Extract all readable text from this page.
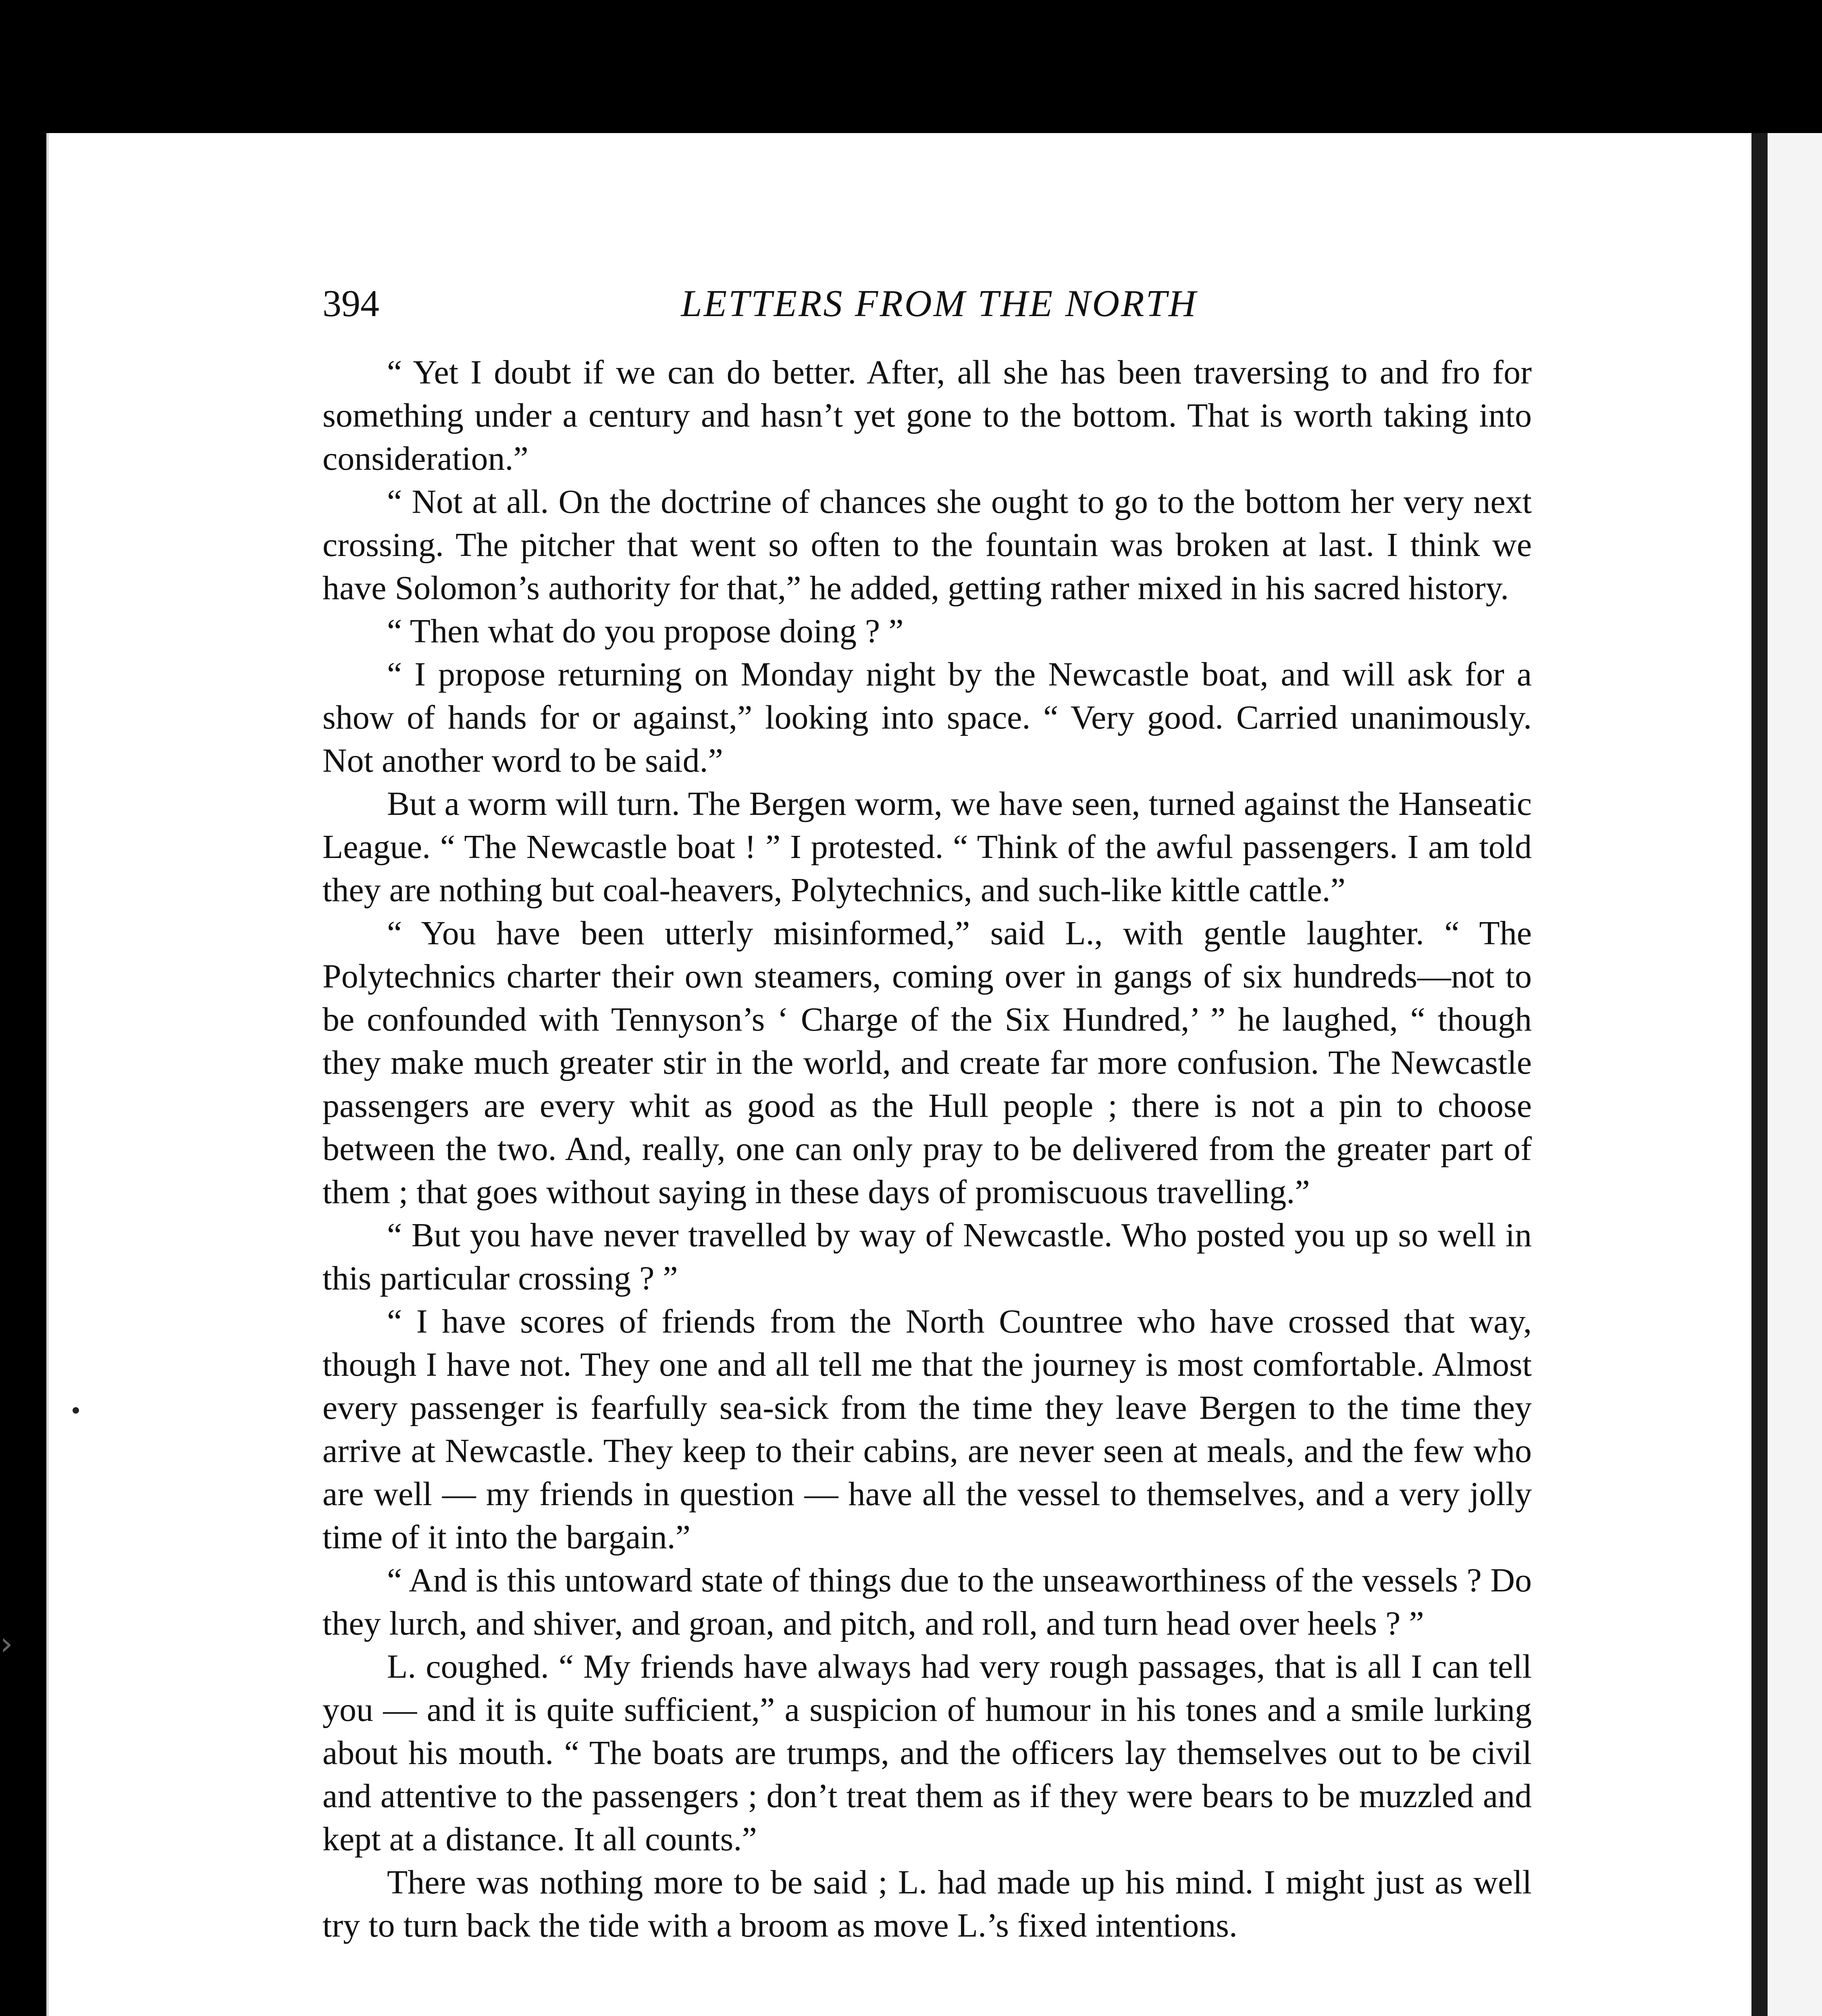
›
394	LETTERS FROM THE NORTH

“ Yet I doubt if we can do better. After, all she has been traversing to and fro for something under a century and hasn’t yet gone to the bottom. That is worth taking into consideration.”

“ Not at all. On the doctrine of chances she ought to go to the bottom her very next crossing. The pitcher that went so often to the fountain was broken at last. I think we have Solomon’s authority for that,” he added, getting rather mixed in his sacred history.

“ Then what do you propose doing ? ”

“ I propose returning on Monday night by the Newcastle boat, and will ask for a show of hands for or against,” looking into space. “ Very good. Carried unanimously. Not another word to be said.”

But a worm will turn. The Bergen worm, we have seen, turned against the Hanseatic League. “ The Newcastle boat ! ” I protested. “ Think of the awful passengers. I am told they are nothing but coal-heavers, Polytechnics, and such-like kittle cattle.”

“ You have been utterly misinformed,” said L., with gentle laughter. “ The Polytechnics charter their own steamers, coming over in gangs of six hundreds—not to be confounded with Tennyson’s ‘ Charge of the Six Hundred,’ ” he laughed, “ though they make much greater stir in the world, and create far more confusion. The Newcastle passengers are every whit as good as the Hull people ; there is not a pin to choose between the two. And, really, one can only pray to be delivered from the greater part of them ; that goes without saying in these days of promiscuous travelling.”

“ But you have never travelled by way of Newcastle. Who posted you up so well in this particular crossing ? ”

“ I have scores of friends from the North Countree who have crossed that way, though I have not. They one and all tell me that the journey is most comfortable. Almost every passenger is fearfully sea-sick from the time they leave Bergen to the time they arrive at Newcastle. They keep to their cabins, are never seen at meals, and the few who are well — my friends in question — have all the vessel to themselves, and a very jolly time of it into the bargain.”

“ And is this untoward state of things due to the unseaworthiness of the vessels ? Do they lurch, and shiver, and groan, and pitch, and roll, and turn head over heels ? ”

L. coughed. “ My friends have always had very rough passages, that is all I can tell you — and it is quite sufficient,” a suspicion of humour in his tones and a smile lurking about his mouth. “ The boats are trumps, and the officers lay themselves out to be civil and attentive to the passengers ; don’t treat them as if they were bears to be muzzled and kept at a distance. It all counts.”

There was nothing more to be said ; L. had made up his mind. I might just as well try to turn back the tide with a broom as move L.’s fixed intentions.
